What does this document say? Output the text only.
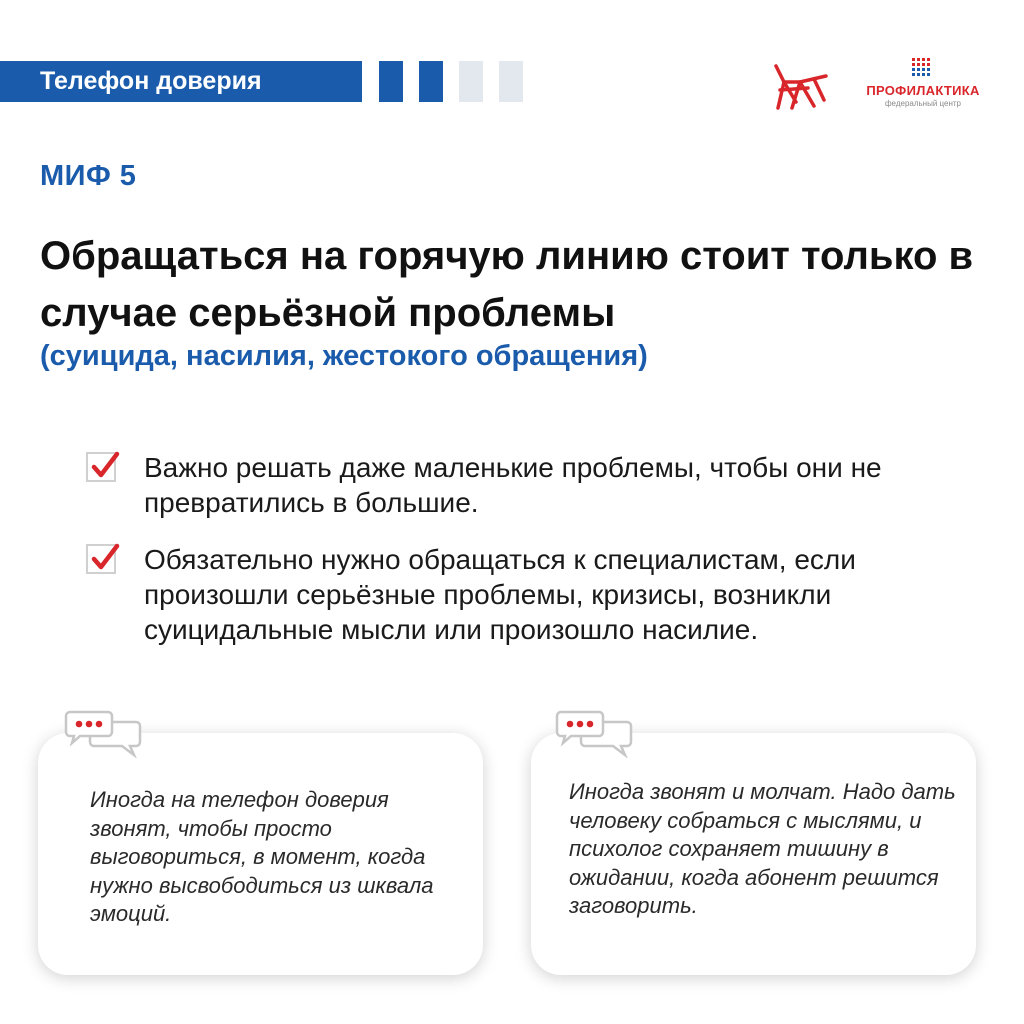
Телефон доверия	ПРОФИЛАКТИКА
федеральный центр
МИФ 5
Обращаться на горячую линию стоит только в случае серьёзной проблемы
(суицида, насилия, жестокого обращения)
Важно решать даже маленькие проблемы, чтобы они не превратились в большие.
Обязательно нужно обращаться к специалистам, если произошли серьёзные проблемы, кризисы, возникли суицидальные мысли или произошло насилие.
Иногда на телефон доверия звонят, чтобы просто выговориться, в момент, когда нужно высвободиться из шквала эмоций.
Иногда звонят и молчат. Надо дать человеку собраться с мыслями, и психолог сохраняет тишину в ожидании, когда абонент решится заговорить.
